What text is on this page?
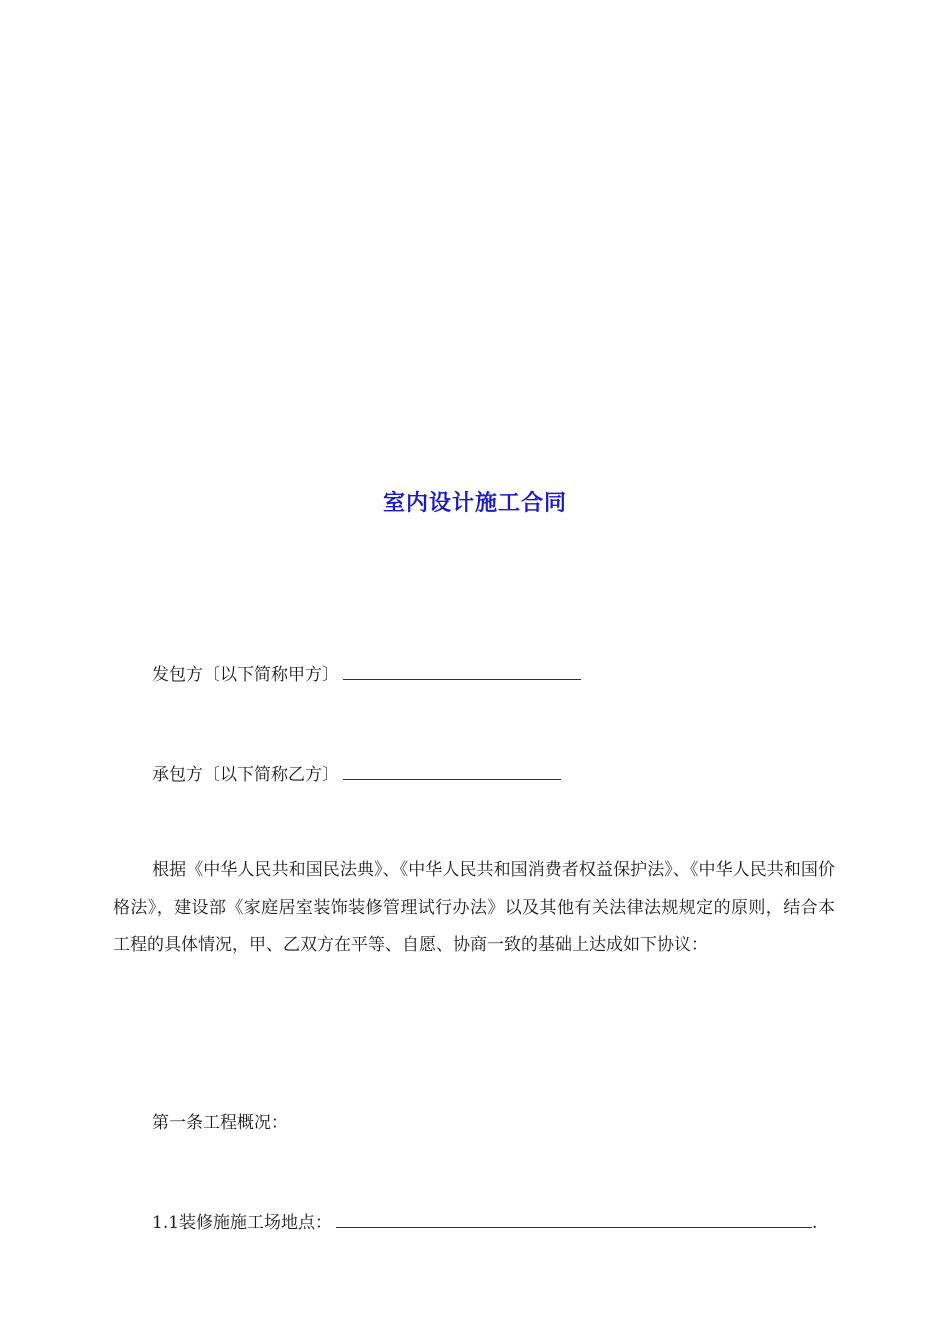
室内设计施工合同
发包方〔以下简称甲方〕
承包方〔以下简称乙方〕
根据《中华人民共和国民法典》、《中华人民共和国消费者权益保护法》、《中华人民共和国价格法》，建设部《家庭居室装饰装修管理试行办法》以及其他有关法律法规规定的原则，结合本工程的具体情况，甲、乙双方在平等、自愿、协商一致的基础上达成如下协议：
第一条工程概况：
1.1装修施施工场地点：	.
